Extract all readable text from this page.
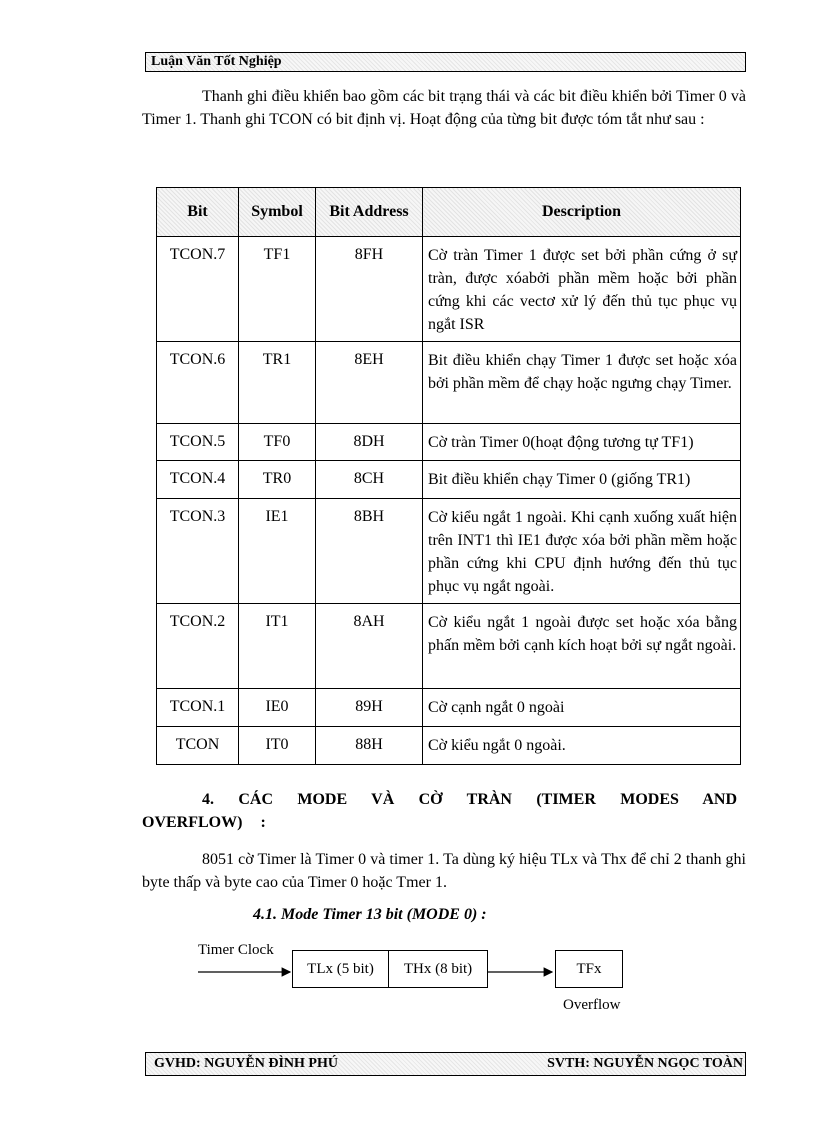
Luận Văn Tốt Nghiệp
Thanh ghi điều khiển bao gồm các bit trạng thái và các bit điều khiển bởi Timer 0 và Timer 1. Thanh ghi TCON có bit định vị. Hoạt động của từng bit được tóm tắt như sau :
Bit	Symbol	Bit Address	Description
TCON.7	TF1	8FH	Cờ tràn Timer 1 được set bởi phần cứng ở sự tràn, được xóabởi phần mềm hoặc bởi phần cứng khi các vectơ xử lý đến thủ tục phục vụ ngắt ISR
TCON.6	TR1	8EH	Bit điều khiển chạy Timer 1 được set hoặc xóa bởi phần mềm để chạy hoặc ngưng chạy Timer.
TCON.5	TF0	8DH	Cờ tràn Timer 0(hoạt động tương tự TF1)
TCON.4	TR0	8CH	Bit điều khiển chạy Timer 0 (giống TR1)
TCON.3	IE1	8BH	Cờ kiểu ngắt 1 ngoài. Khi cạnh xuống xuất hiện trên INT1 thì IE1 được xóa bởi phần mềm hoặc phần cứng khi CPU định hướng đến thủ tục phục vụ ngắt ngoài.
TCON.2	IT1	8AH	Cờ kiểu ngắt 1 ngoài được set hoặc xóa bằng phấn mềm bởi cạnh kích hoạt bởi sự ngắt ngoài.
TCON.1	IE0	89H	Cờ cạnh ngắt 0 ngoài
TCON	IT0	88H	Cờ kiểu ngắt 0 ngoài.
4. CÁC MODE VÀ CỜ TRÀN (TIMER MODES AND OVERFLOW) :
8051 cờ Timer là Timer 0 và timer 1. Ta dùng ký hiệu TLx và Thx để chỉ 2 thanh ghi byte thấp và byte cao của Timer 0 hoặc Tmer 1.
4.1. Mode Timer 13 bit (MODE 0) :
Timer Clock
TLx (5 bit)	THx (8 bit)	TFx
Overflow
GVHD: NGUYỄN ĐÌNH PHÚ	SVTH: NGUYỄN NGỌC TOÀN
